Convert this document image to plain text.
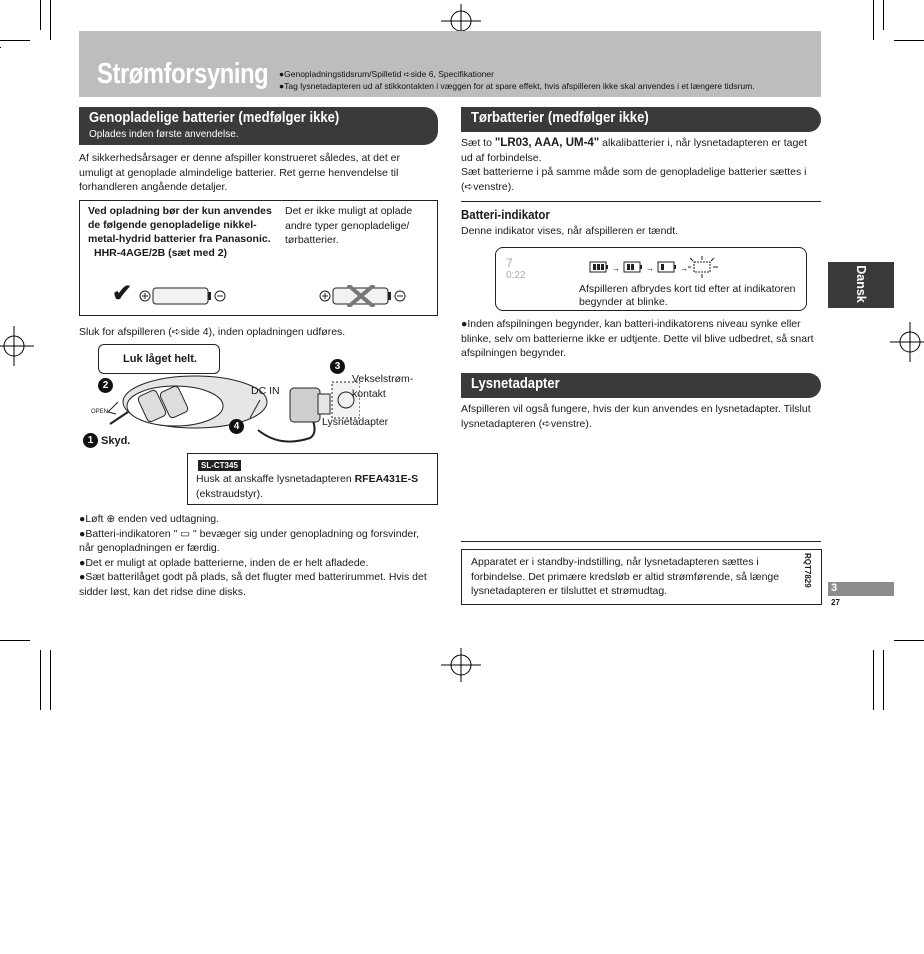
Strømforsyning ●Genopladningstidsrum/Spilletid ➪side 6, Specifikationer
●Tag lysnetadapteren ud af stikkontakten i væggen for at spare effekt, hvis afspilleren ikke skal anvendes i et længere tidsrum.
Genopladelige batterier (medfølger ikke)
Oplades inden første anvendelse.
Af sikkerhedsårsager er denne afspiller konstrueret således, at det er umuligt at genoplade almindelige batterier. Ret gerne henvendelse til forhandleren angående detaljer.
Ved opladning bør der kun anvendes de følgende genopladelige nikkel-metal-hydrid batterier fra Panasonic.
HHR-4AGE/2B (sæt med 2)
Det er ikke muligt at oplade andre typer genopladelige/ tørbatterier.
✔
Sluk for afspilleren (➪side 4), inden opladningen udføres.
Luk låget helt.
2
OPEN
1 Skyd.
DC IN
3
4
Vekselstrøm-
kontakt
Lysnetadapter
SL-CT345
Husk at anskaffe lysnetadapteren RFEA431E-S (ekstraudstyr).
●Løft ⊕ enden ved udtagning.
●Batteri-indikatoren " ▭ " bevæger sig under genopladning og forsvinder, når genopladningen er færdig.
●Det er muligt at oplade batterierne, inden de er helt afladede.
●Sæt batterilåget godt på plads, så det flugter med batterirummet. Hvis det sidder løst, kan det ridse dine disks.
Tørbatterier (medfølger ikke)
Sæt to "LR03, AAA, UM-4" alkalibatterier i, når lysnetadapteren er taget ud af forbindelse.
Sæt batterierne i på samme måde som de genopladelige batterier sættes i (➪venstre).
Batteri-indikator
Denne indikator vises, når afspilleren er tændt.
7
0:22
→	→	→
Afspilleren afbrydes kort tid efter at indikatoren begynder at blinke.
●Inden afspilningen begynder, kan batteri-indikatorens niveau synke eller blinke, selv om batterierne ikke er udtjente. Dette vil blive udbedret, så snart afspilningen begynder.
Lysnetadapter
Afspilleren vil også fungere, hvis der kun anvendes en lysnetadapter. Tilslut lysnetadapteren (➪venstre).
Apparatet er i standby-indstilling, når lysnetadapteren sættes i forbindelse. Det primære kredsløb er altid strømførende, så længe lysnetadapteren er tilsluttet et strømudtag.
Dansk
RQT7829
3
27
